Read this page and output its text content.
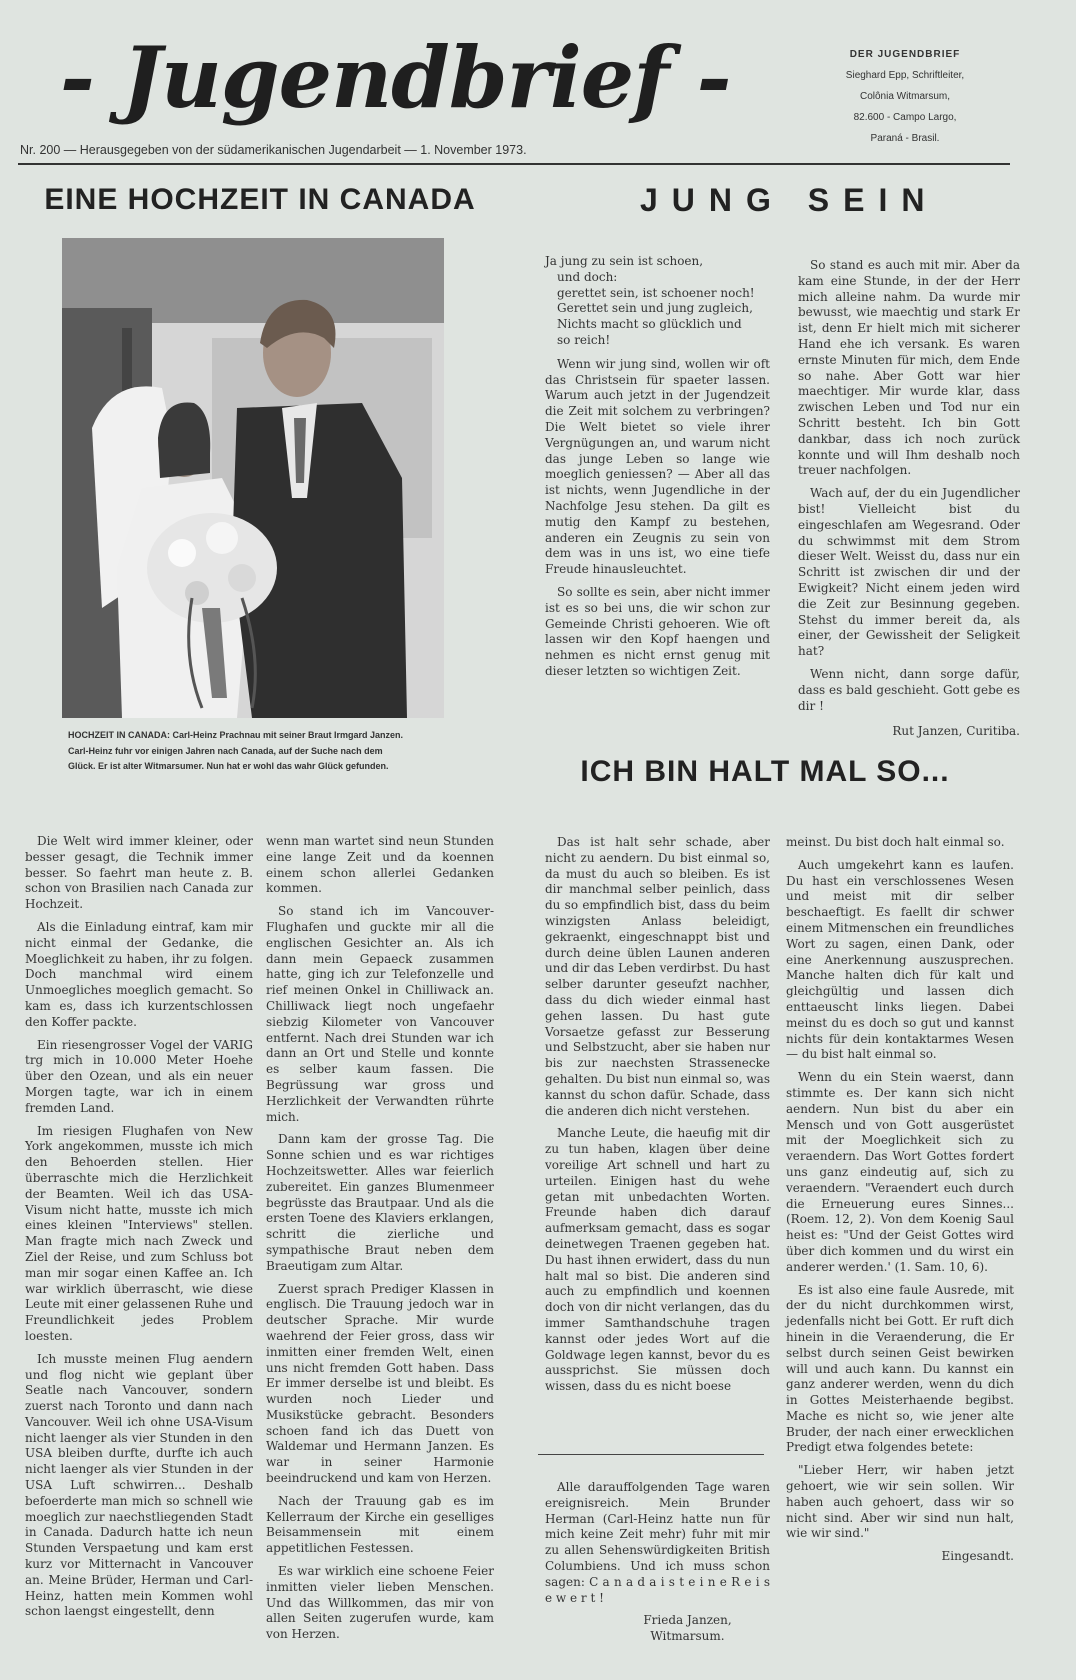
- Jugendbrief -	DER JUGENDBRIEF
Sieghard Epp, Schriftleiter,
Colônia Witmarsum,
82.600 - Campo Largo,
Paraná - Brasil.
Nr. 200 — Herausgegeben von der südamerikanischen Jugendarbeit — 1. November 1973.
EINE HOCHZEIT IN CANADA	JUNG SEIN
ICH BIN HALT MAL SO...
HOCHZEIT IN CANADA: Carl-Heinz Prachnau mit seiner Braut Irmgard Janzen. Carl-Heinz fuhr vor einigen Jahren nach Canada, auf der Suche nach dem Glück. Er ist alter Witmarsumer. Nun hat er wohl das wahr Glück gefunden.

Ja jung zu sein ist schoen,

und doch:

gerettet sein, ist schoener noch!

Gerettet sein und jung zugleich,

Nichts macht so glücklich und

so reich!

Wenn wir jung sind, wollen wir oft das Christsein für spaeter lassen. Warum auch jetzt in der Jugendzeit die Zeit mit solchem zu verbringen? Die Welt bietet so viele ihrer Vergnügungen an, und warum nicht das junge Leben so lange wie moeglich geniessen? — Aber all das ist nichts, wenn Jugendliche in der Nachfolge Jesu stehen. Da gilt es mutig den Kampf zu bestehen, anderen ein Zeugnis zu sein von dem was in uns ist, wo eine tiefe Freude hinausleuchtet.

So sollte es sein, aber nicht immer ist es so bei uns, die wir schon zur Gemeinde Christi gehoeren. Wie oft lassen wir den Kopf haengen und nehmen es nicht ernst genug mit dieser letzten so wichtigen Zeit.

So stand es auch mit mir. Aber da kam eine Stunde, in der der Herr mich alleine nahm. Da wurde mir bewusst, wie maechtig und stark Er ist, denn Er hielt mich mit sicherer Hand ehe ich versank. Es waren ernste Minuten für mich, dem Ende so nahe. Aber Gott war hier maechtiger. Mir wurde klar, dass zwischen Leben und Tod nur ein Schritt besteht. Ich bin Gott dankbar, dass ich noch zurück konnte und will Ihm deshalb noch treuer nachfolgen.

Wach auf, der du ein Jugendlicher bist! Vielleicht bist du eingeschlafen am Wegesrand. Oder du schwimmst mit dem Strom dieser Welt. Weisst du, dass nur ein Schritt ist zwischen dir und der Ewigkeit? Nicht einem jeden wird die Zeit zur Besinnung gegeben. Stehst du immer bereit da, als einer, der Gewissheit der Seligkeit hat?

Wenn nicht, dann sorge dafür, dass es bald geschieht. Gott gebe es dir !

Rut Janzen, Curitiba.

Die Welt wird immer kleiner, oder besser gesagt, die Technik immer besser. So faehrt man heute z. B. schon von Brasilien nach Canada zur Hochzeit.

Als die Einladung eintraf, kam mir nicht einmal der Gedanke, die Moeglichkeit zu haben, ihr zu folgen. Doch manchmal wird einem Unmoegliches moeglich gemacht. So kam es, dass ich kurzentschlossen den Koffer packte.

Ein riesengrosser Vogel der VARIG trg mich in 10.000 Meter Hoehe über den Ozean, und als ein neuer Morgen tagte, war ich in einem fremden Land.

Im riesigen Flughafen von New York angekommen, musste ich mich den Behoerden stellen. Hier überraschte mich die Herzlichkeit der Beamten. Weil ich das USA-Visum nicht hatte, musste ich mich eines kleinen "Interviews" stellen. Man fragte mich nach Zweck und Ziel der Reise, und zum Schluss bot man mir sogar einen Kaffee an. Ich war wirklich überrascht, wie diese Leute mit einer gelassenen Ruhe und Freundlichkeit jedes Problem loesten.

Ich musste meinen Flug aendern und flog nicht wie geplant über Seatle nach Vancouver, sondern zuerst nach Toronto und dann nach Vancouver. Weil ich ohne USA-Visum nicht laenger als vier Stunden in den USA bleiben durfte, durfte ich auch nicht laenger als vier Stunden in der USA Luft schwirren... Deshalb befoerderte man mich so schnell wie moeglich zur naechstliegenden Stadt in Canada. Dadurch hatte ich neun Stunden Verspaetung und kam erst kurz vor Mitternacht in Vancouver an. Meine Brüder, Herman und Carl-Heinz, hatten mein Kommen wohl schon laengst eingestellt, denn

wenn man wartet sind neun Stunden eine lange Zeit und da koennen einem schon allerlei Gedanken kommen.

So stand ich im Vancouver-Flughafen und guckte mir all die englischen Gesichter an. Als ich dann mein Gepaeck zusammen hatte, ging ich zur Telefonzelle und rief meinen Onkel in Chilliwack an. Chilliwack liegt noch ungefaehr siebzig Kilometer von Vancouver entfernt. Nach drei Stunden war ich dann an Ort und Stelle und konnte es selber kaum fassen. Die Begrüssung war gross und Herzlichkeit der Verwandten rührte mich.

Dann kam der grosse Tag. Die Sonne schien und es war richtiges Hochzeitswetter. Alles war feierlich zubereitet. Ein ganzes Blumenmeer begrüsste das Brautpaar. Und als die ersten Toene des Klaviers erklangen, schritt die zierliche und sympathische Braut neben dem Braeutigam zum Altar.

Zuerst sprach Prediger Klassen in englisch. Die Trauung jedoch war in deutscher Sprache. Mir wurde waehrend der Feier gross, dass wir inmitten einer fremden Welt, einen uns nicht fremden Gott haben. Dass Er immer derselbe ist und bleibt. Es wurden noch Lieder und Musikstücke gebracht. Besonders schoen fand ich das Duett von Waldemar und Hermann Janzen. Es war in seiner Harmonie beeindruckend und kam von Herzen.

Nach der Trauung gab es im Kellerraum der Kirche ein geselliges Beisammensein mit einem appetitlichen Festessen.

Es war wirklich eine schoene Feier inmitten vieler lieben Menschen. Und das Willkommen, das mir von allen Seiten zugerufen wurde, kam von Herzen.

Das ist halt sehr schade, aber nicht zu aendern. Du bist einmal so, da must du auch so bleiben. Es ist dir manchmal selber peinlich, dass du so empfindlich bist, dass du beim winzigsten Anlass beleidigt, gekraenkt, eingeschnappt bist und durch deine üblen Launen anderen und dir das Leben verdirbst. Du hast selber darunter geseufzt nachher, dass du dich wieder einmal hast gehen lassen. Du hast gute Vorsaetze gefasst zur Besserung und Selbstzucht, aber sie haben nur bis zur naechsten Strassenecke gehalten. Du bist nun einmal so, was kannst du schon dafür. Schade, dass die anderen dich nicht verstehen.

Manche Leute, die haeufig mit dir zu tun haben, klagen über deine voreilige Art schnell und hart zu urteilen. Einigen hast du wehe getan mit unbedachten Worten. Freunde haben dich darauf aufmerksam gemacht, dass es sogar deinetwegen Traenen gegeben hat. Du hast ihnen erwidert, dass du nun halt mal so bist. Die anderen sind auch zu empfindlich und koennen doch von dir nicht verlangen, das du immer Samthandschuhe tragen kannst oder jedes Wort auf die Goldwage legen kannst, bevor du es aussprichst. Sie müssen doch wissen, dass du es nicht boese

Alle darauffolgenden Tage waren ereignisreich. Mein Brunder Herman (Carl-Heinz hatte nun für mich keine Zeit mehr) fuhr mit mir zu allen Sehenswürdigkeiten British Columbiens. Und ich muss schon sagen: C a n a d a i s t e i n e R e i s e w e r t !

Frieda Janzen,

Witmarsum.

meinst. Du bist doch halt einmal so.

Auch umgekehrt kann es laufen. Du hast ein verschlossenes Wesen und meist mit dir selber beschaeftigt. Es faellt dir schwer einem Mitmenschen ein freundliches Wort zu sagen, einen Dank, oder eine Anerkennung auszusprechen. Manche halten dich für kalt und gleichgültig und lassen dich enttaeuscht links liegen. Dabei meinst du es doch so gut und kannst nichts für dein kontaktarmes Wesen — du bist halt einmal so.

Wenn du ein Stein waerst, dann stimmte es. Der kann sich nicht aendern. Nun bist du aber ein Mensch und von Gott ausgerüstet mit der Moeglichkeit sich zu veraendern. Das Wort Gottes fordert uns ganz eindeutig auf, sich zu veraendern. "Veraendert euch durch die Erneuerung eures Sinnes... (Roem. 12, 2). Von dem Koenig Saul heist es: "Und der Geist Gottes wird über dich kommen und du wirst ein anderer werden.' (1. Sam. 10, 6).

Es ist also eine faule Ausrede, mit der du nicht durchkommen wirst, jedenfalls nicht bei Gott. Er ruft dich hinein in die Veraenderung, die Er selbst durch seinen Geist bewirken will und auch kann. Du kannst ein ganz anderer werden, wenn du dich in Gottes Meisterhaende begibst. Mache es nicht so, wie jener alte Bruder, der nach einer erwecklichen Predigt etwa folgendes betete:

"Lieber Herr, wir haben jetzt gehoert, wie wir sein sollen. Wir haben auch gehoert, dass wir so nicht sind. Aber wir sind nun halt, wie wir sind."

Eingesandt.
